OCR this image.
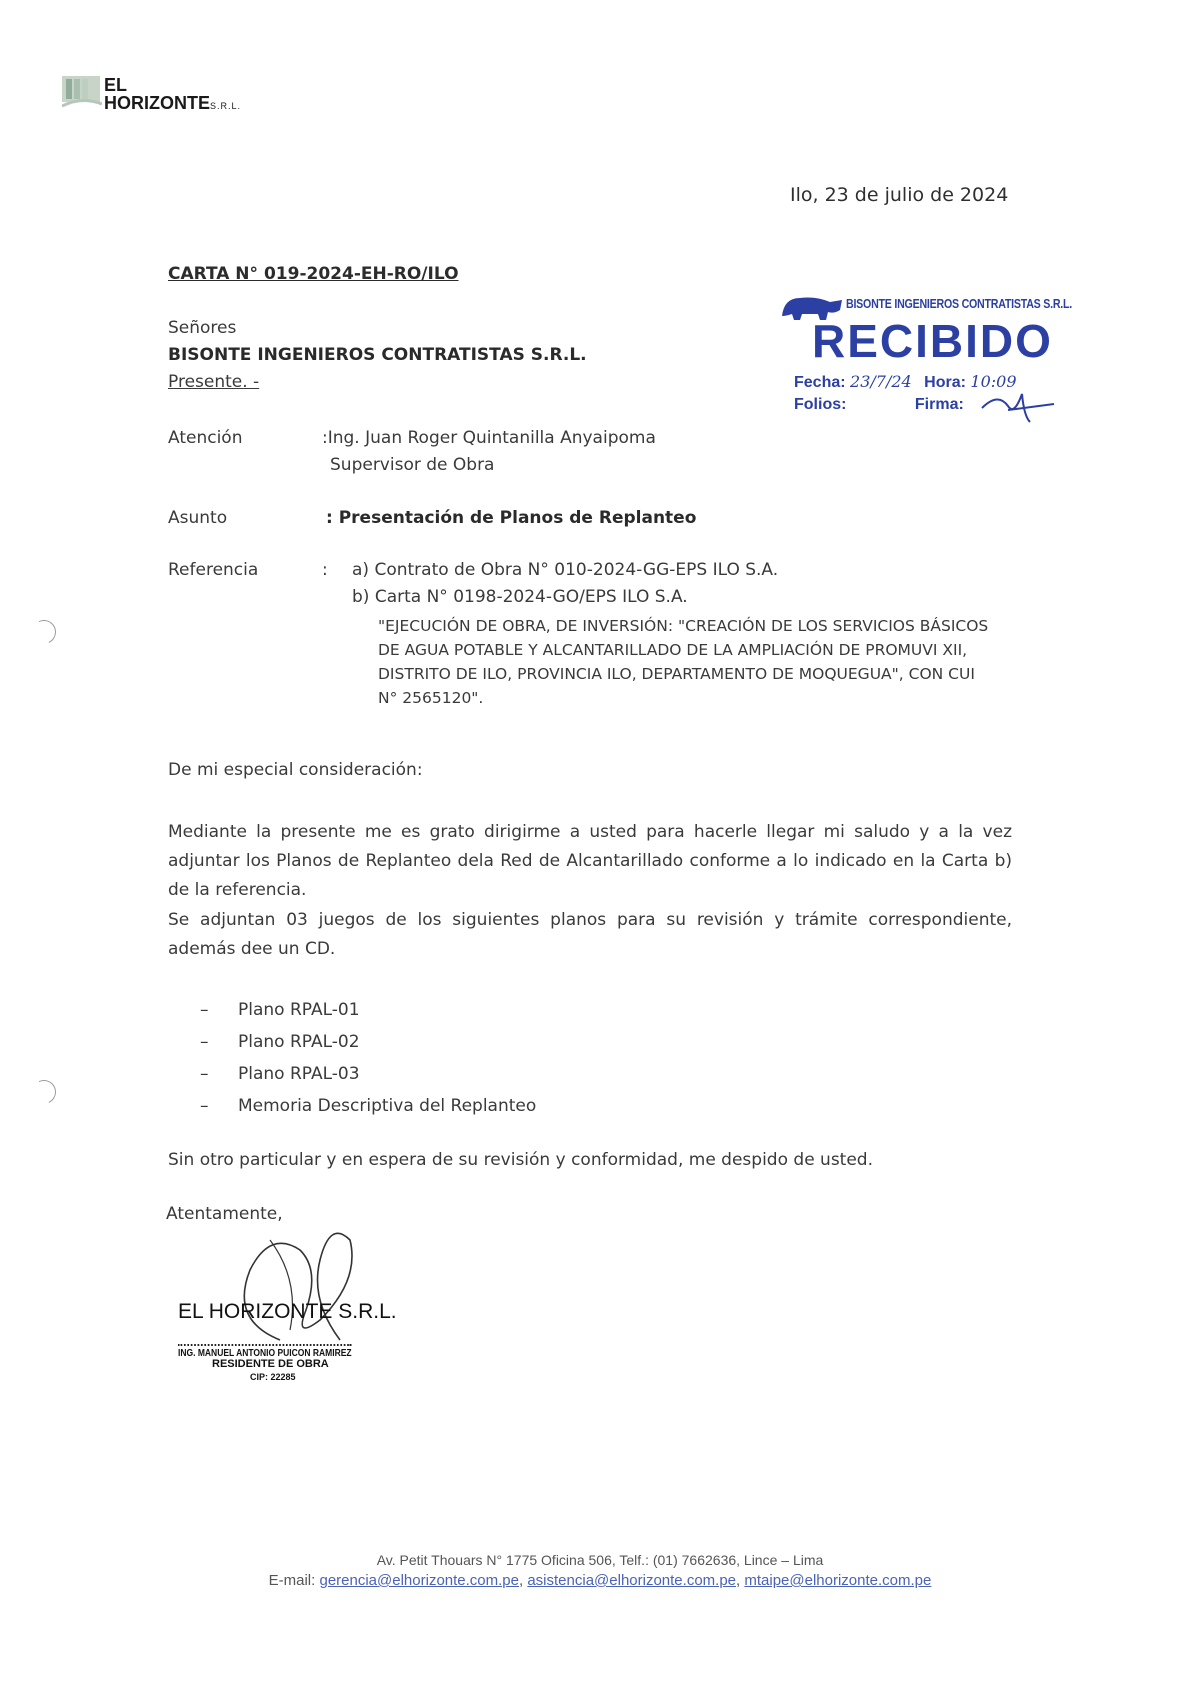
EL
HORIZONTES.R.L.
Ilo, 23 de julio de 2024
CARTA N° 019-2024-EH-RO/ILO
Señores
BISONTE INGENIEROS CONTRATISTAS S.R.L.
Presente. -
BISONTE INGENIEROS CONTRATISTAS S.R.L.
RECIBIDO
Fecha: 23/7/24 Hora: 10:09
Folios:	Firma:
Atención	:Ing. Juan Roger Quintanilla Anyaipoma
Supervisor de Obra
Asunto	: Presentación de Planos de Replanteo
Referencia	: a) Contrato de Obra N° 010-2024-GG-EPS ILO S.A.
b) Carta N° 0198-2024-GO/EPS ILO S.A.
"EJECUCIÓN DE OBRA, DE INVERSIÓN: "CREACIÓN DE LOS SERVICIOS BÁSICOS
DE AGUA POTABLE Y ALCANTARILLADO DE LA AMPLIACIÓN DE PROMUVI XII,
DISTRITO DE ILO, PROVINCIA ILO, DEPARTAMENTO DE MOQUEGUA", CON CUI
N° 2565120".
De mi especial consideración:
Mediante la presente me es grato dirigirme a usted para hacerle llegar mi saludo y a la vez adjuntar los Planos de Replanteo dela Red de Alcantarillado conforme a lo indicado en la Carta b) de la referencia.
Se adjuntan 03 juegos de los siguientes planos para su revisión y trámite correspondiente, además dee un CD.
– Plano RPAL-01
– Plano RPAL-02
– Plano RPAL-03
– Memoria Descriptiva del Replanteo
Sin otro particular y en espera de su revisión y conformidad, me despido de usted.
Atentamente,
EL HORIZONTE S.R.L.
ING. MANUEL ANTONIO PUICON RAMIREZ
RESIDENTE DE OBRA
CIP: 22285
Av. Petit Thouars N° 1775 Oficina 506, Telf.: (01) 7662636, Lince – Lima
E-mail: gerencia@elhorizonte.com.pe, asistencia@elhorizonte.com.pe, mtaipe@elhorizonte.com.pe
